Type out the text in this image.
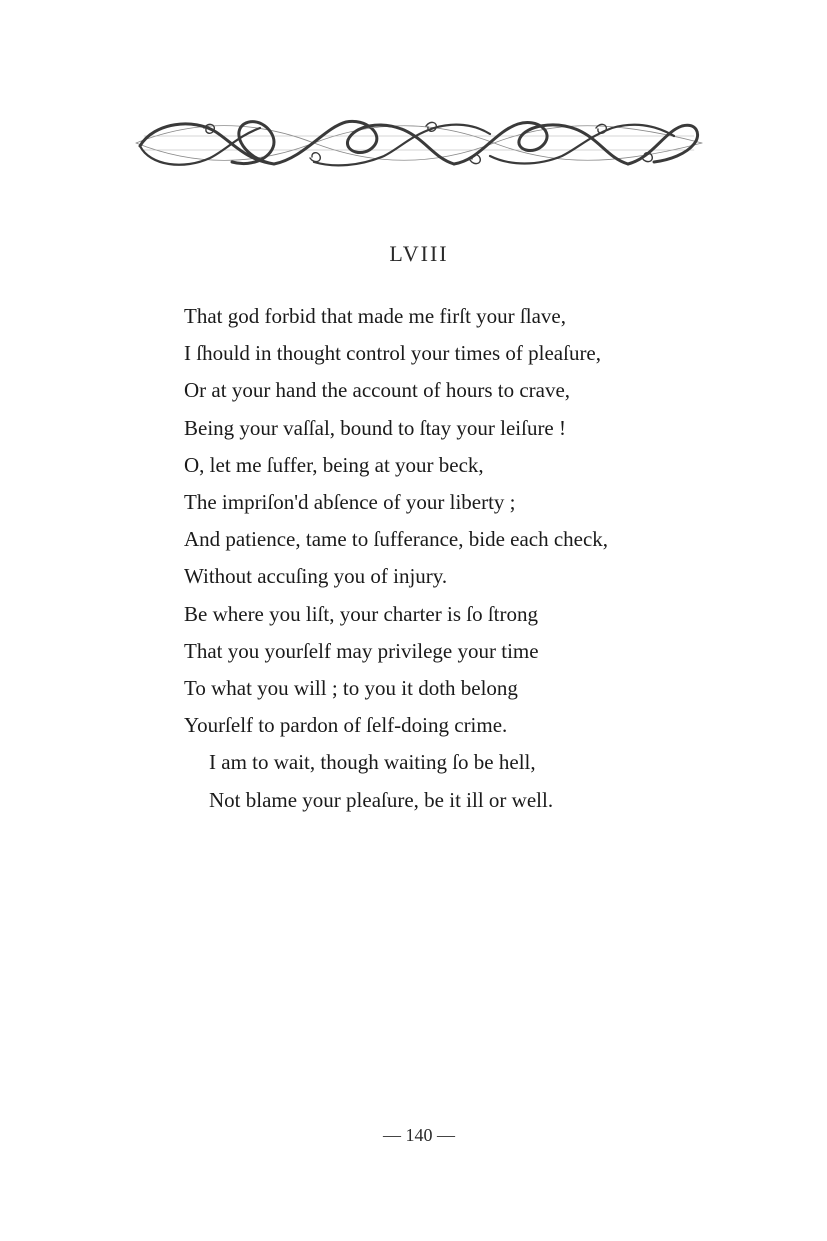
LVIII
That god forbid that made me firſt your ſlave,
I ſhould in thought control your times of pleaſure,
Or at your hand the account of hours to crave,
Being your vaſſal, bound to ſtay your leiſure !
O, let me ſuffer, being at your beck,
The impriſon'd abſence of your liberty ;
And patience, tame to ſufferance, bide each check,
Without accuſing you of injury.
Be where you liſt, your charter is ſo ſtrong
That you yourſelf may privilege your time
To what you will ; to you it doth belong
Yourſelf to pardon of ſelf-doing crime.
I am to wait, though waiting ſo be hell,
Not blame your pleaſure, be it ill or well.
— 140 —
